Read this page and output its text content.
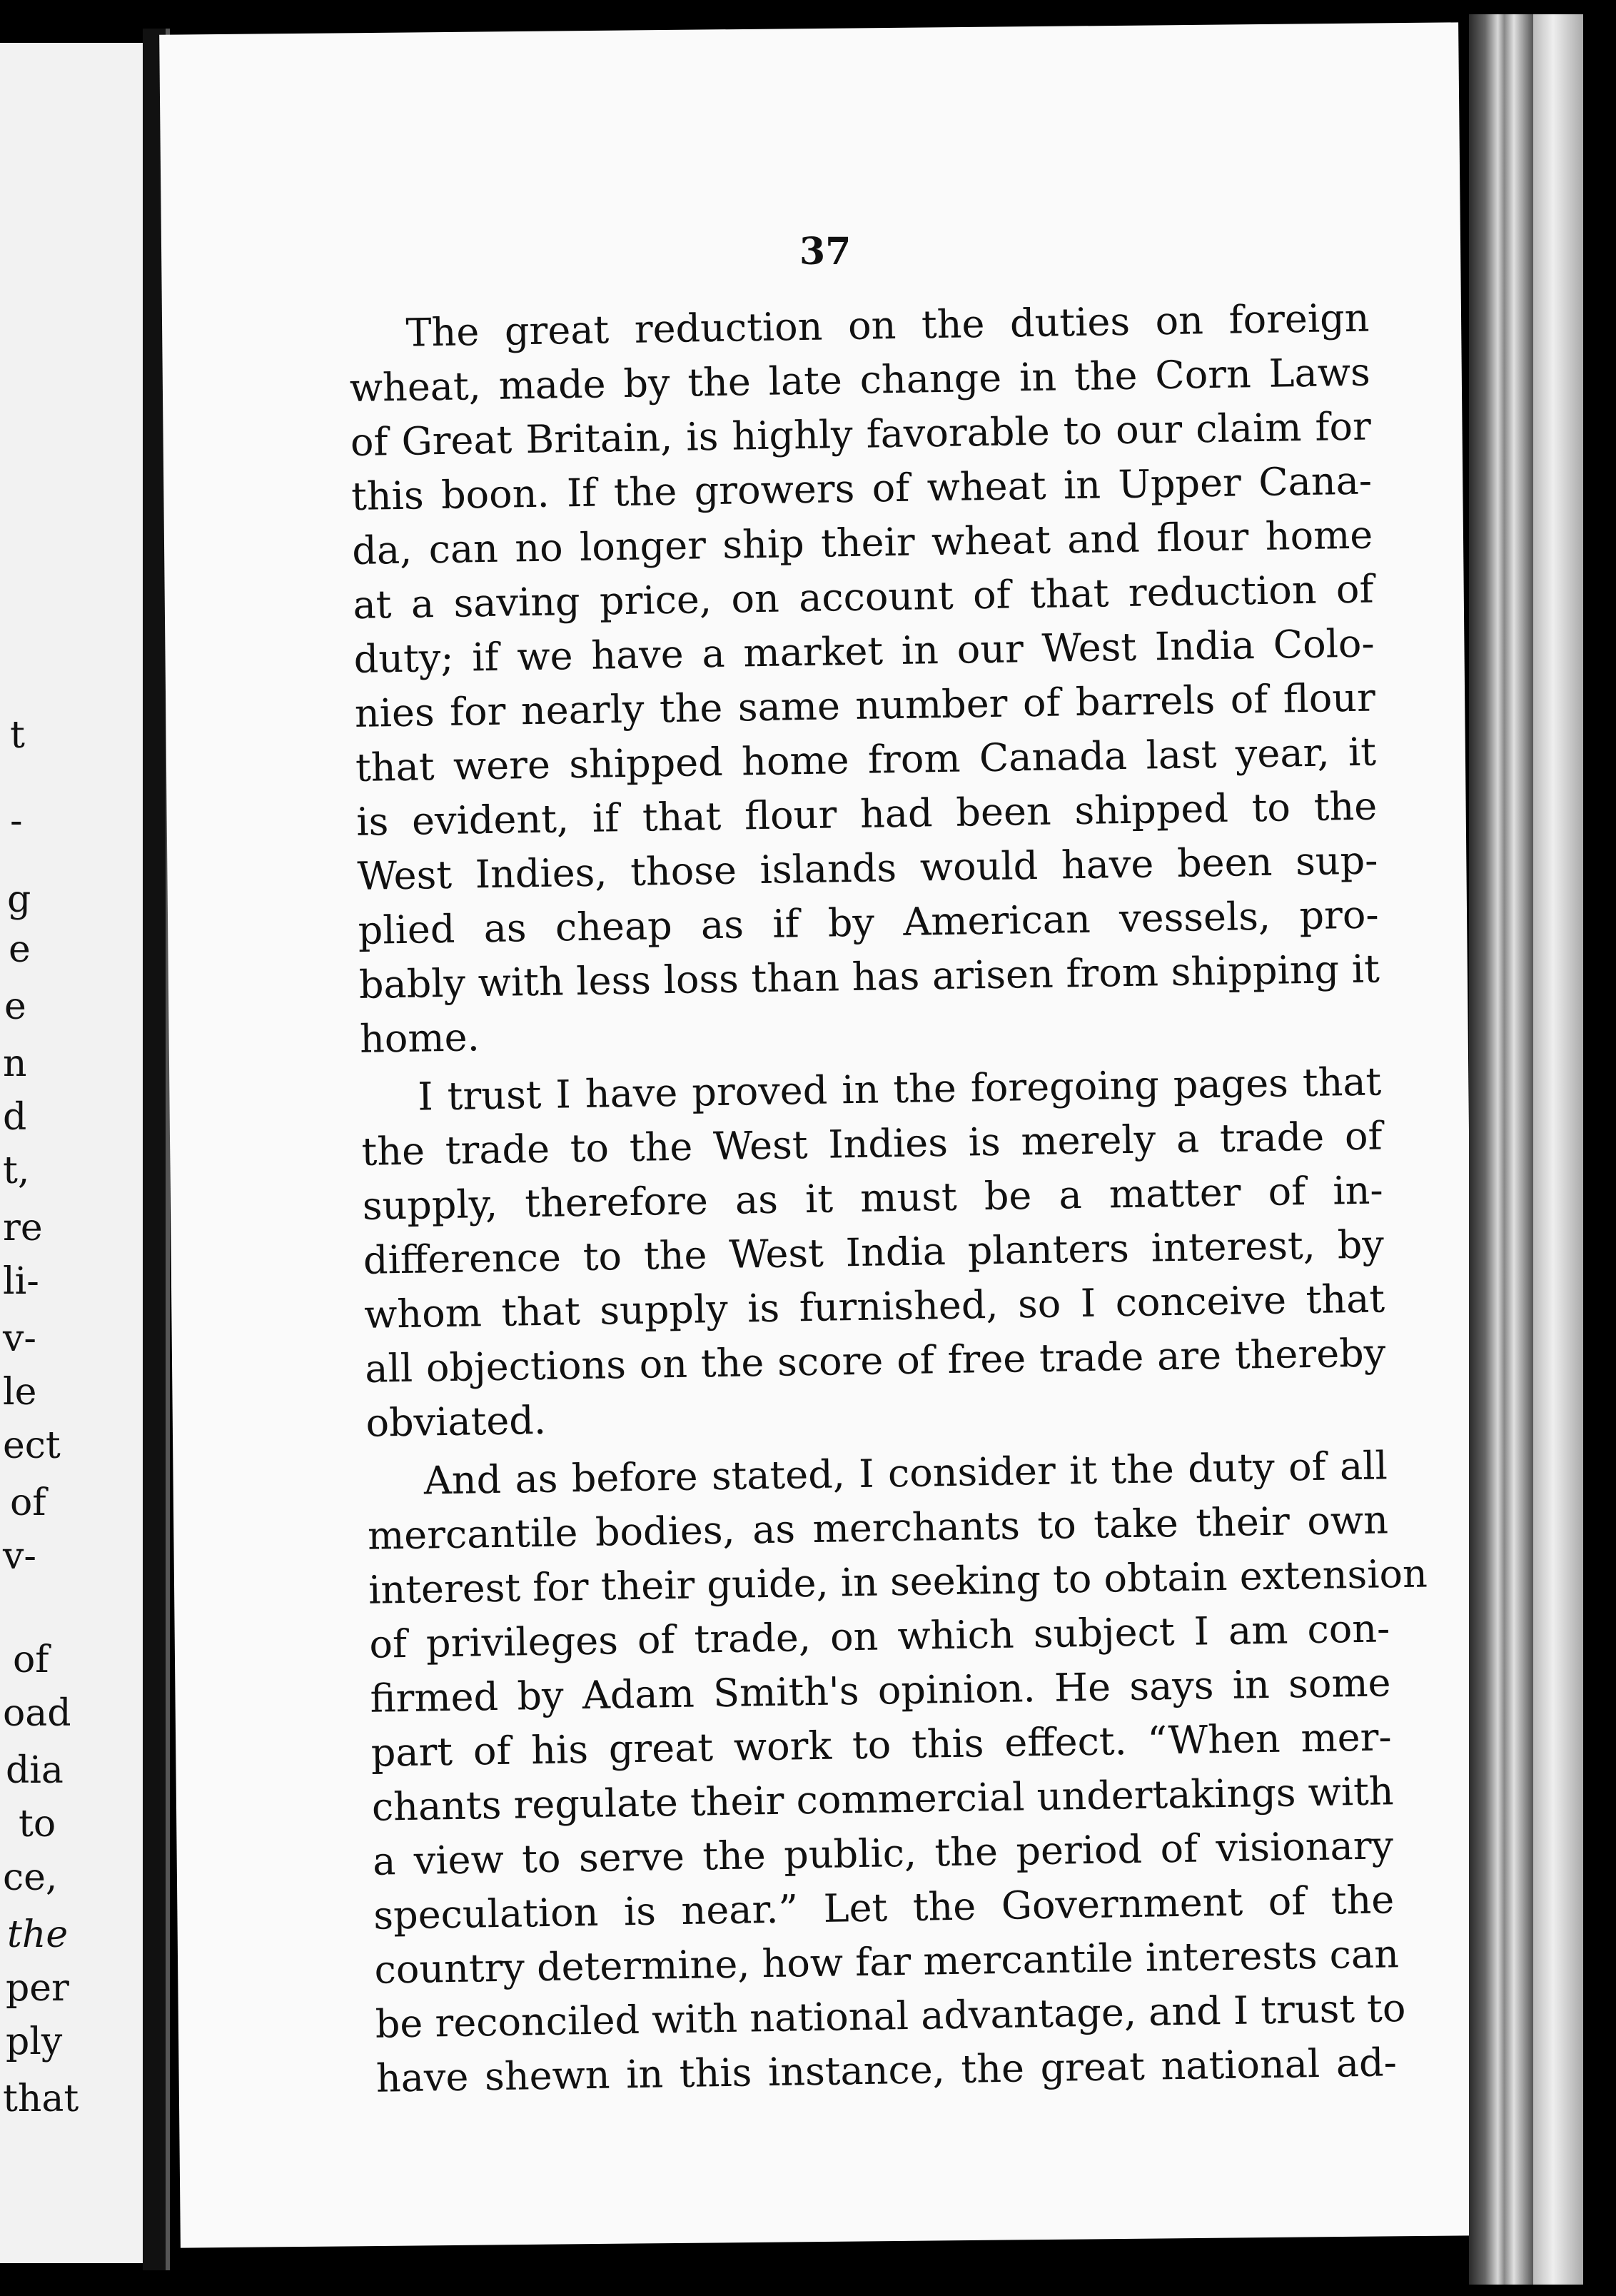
t
-
g
e
e
n
d
t,
re
li-
v-
le
ect
of
v-
of
oad
dia
to
ce,
the
per
ply
that
37
The great reduction on the duties on foreign
wheat, made by the late change in the Corn Laws
of Great Britain, is highly favorable to our claim for
this boon. If the growers of wheat in Upper Cana-
da, can no longer ship their wheat and flour home
at a saving price, on account of that reduction of
duty; if we have a market in our West India Colo-
nies for nearly the same number of barrels of flour
that were shipped home from Canada last year, it
is evident, if that flour had been shipped to the
West Indies, those islands would have been sup-
plied as cheap as if by American vessels, pro-
bably with less loss than has arisen from shipping it
home.
I trust I have proved in the foregoing pages that
the trade to the West Indies is merely a trade of
supply, therefore as it must be a matter of in-
difference to the West India planters interest, by
whom that supply is furnished, so I conceive that
all objections on the score of free trade are thereby
obviated.
And as before stated, I consider it the duty of all
mercantile bodies, as merchants to take their own
interest for their guide, in seeking to obtain extension
of privileges of trade, on which subject I am con-
firmed by Adam Smith's opinion. He says in some
part of his great work to this effect. “When mer-
chants regulate their commercial undertakings with
a view to serve the public, the period of visionary
speculation is near.” Let the Government of the
country determine, how far mercantile interests can
be reconciled with national advantage, and I trust to
have shewn in this instance, the great national ad-
